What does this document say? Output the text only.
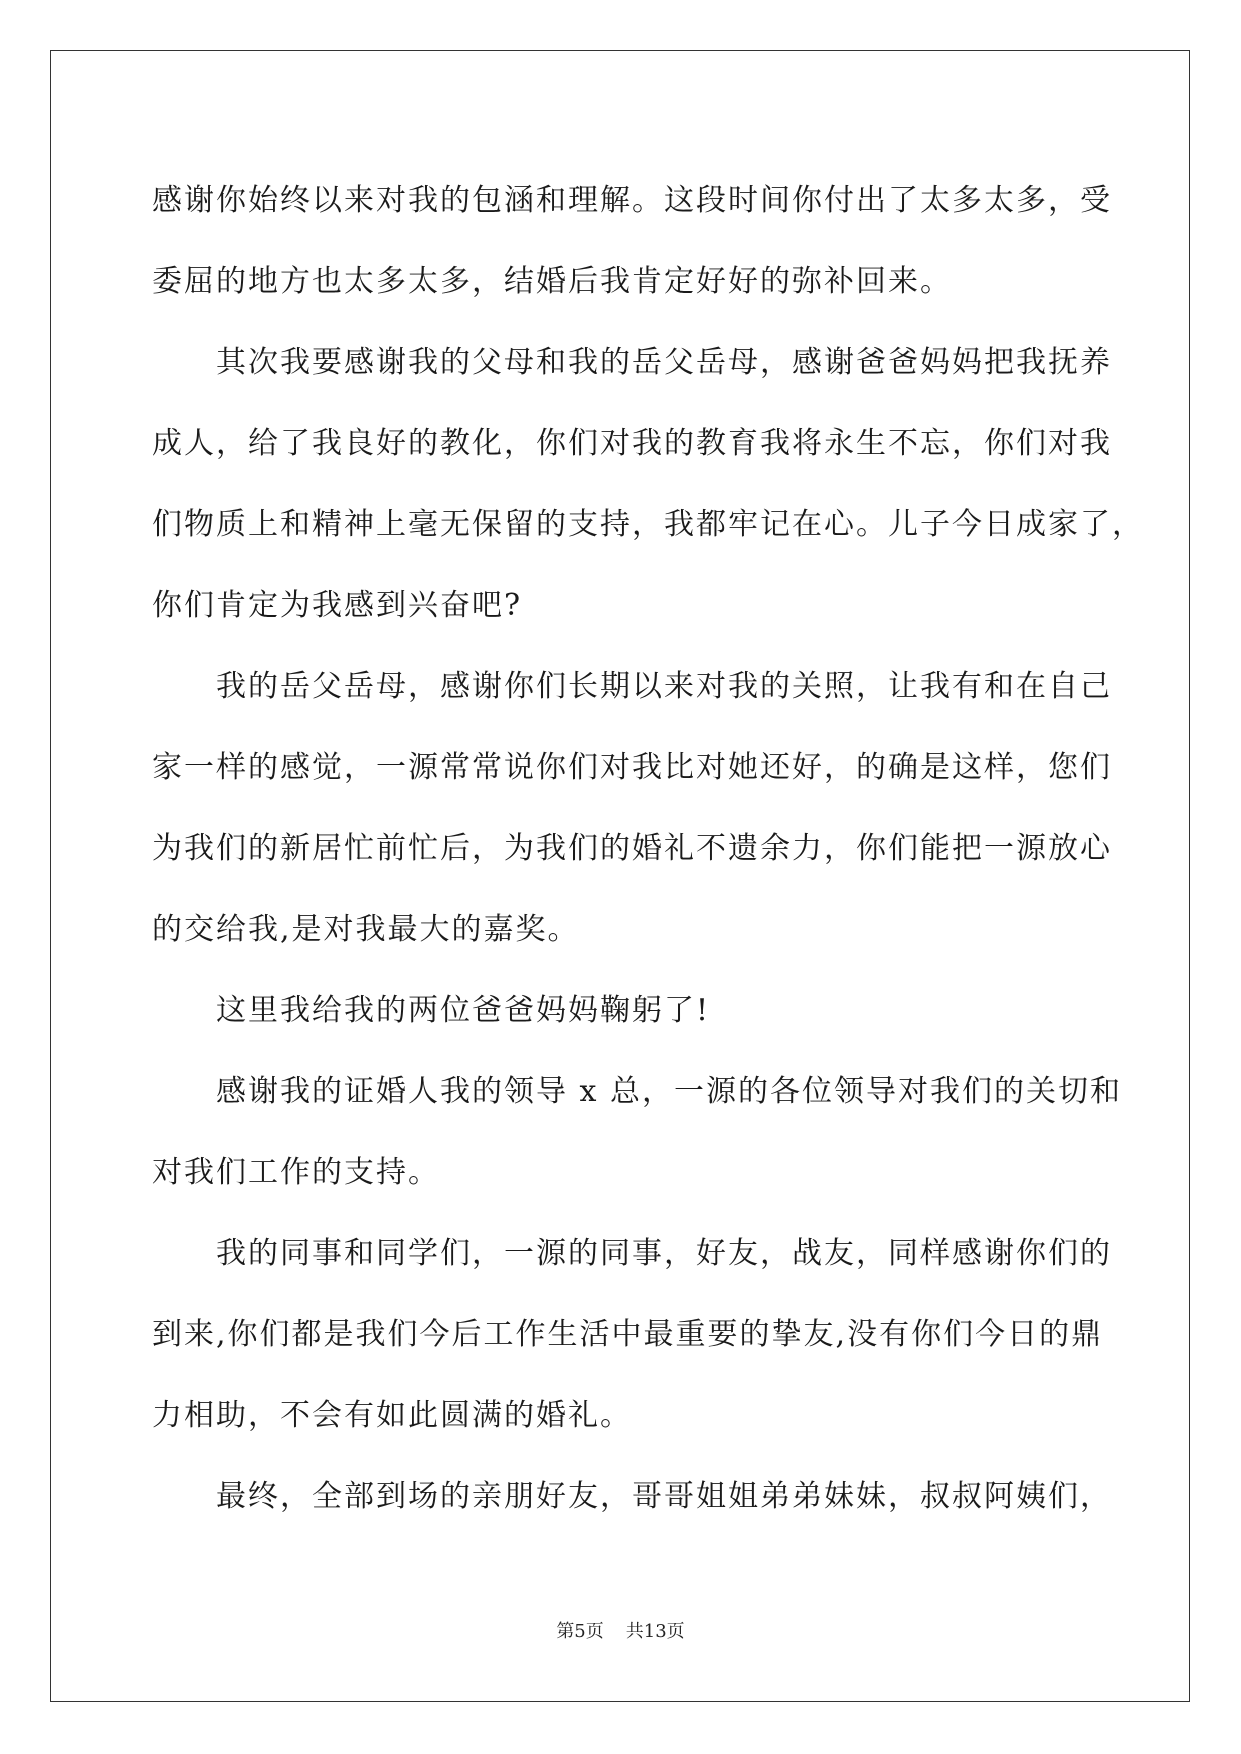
感谢你始终以来对我的包涵和理解。这段时间你付出了太多太多，受
委屈的地方也太多太多，结婚后我肯定好好的弥补回来。

其次我要感谢我的父母和我的岳父岳母，感谢爸爸妈妈把我抚养

成人，给了我良好的教化，你们对我的教育我将永生不忘，你们对我
们物质上和精神上毫无保留的支持，我都牢记在心。儿子今日成家了，
你们肯定为我感到兴奋吧?

我的岳父岳母，感谢你们长期以来对我的关照，让我有和在自己

家一样的感觉，一源常常说你们对我比对她还好，的确是这样，您们
为我们的新居忙前忙后，为我们的婚礼不遗余力，你们能把一源放心
的交给我,是对我最大的嘉奖。

这里我给我的两位爸爸妈妈鞠躬了!

感谢我的证婚人我的领导 x 总，一源的各位领导对我们的关切和

对我们工作的支持。

我的同事和同学们，一源的同事，好友，战友，同样感谢你们的

到来,你们都是我们今后工作生活中最重要的挚友,没有你们今日的鼎
力相助，不会有如此圆满的婚礼。

最终，全部到场的亲朋好友，哥哥姐姐弟弟妹妹，叔叔阿姨们，

第5页 共13页
